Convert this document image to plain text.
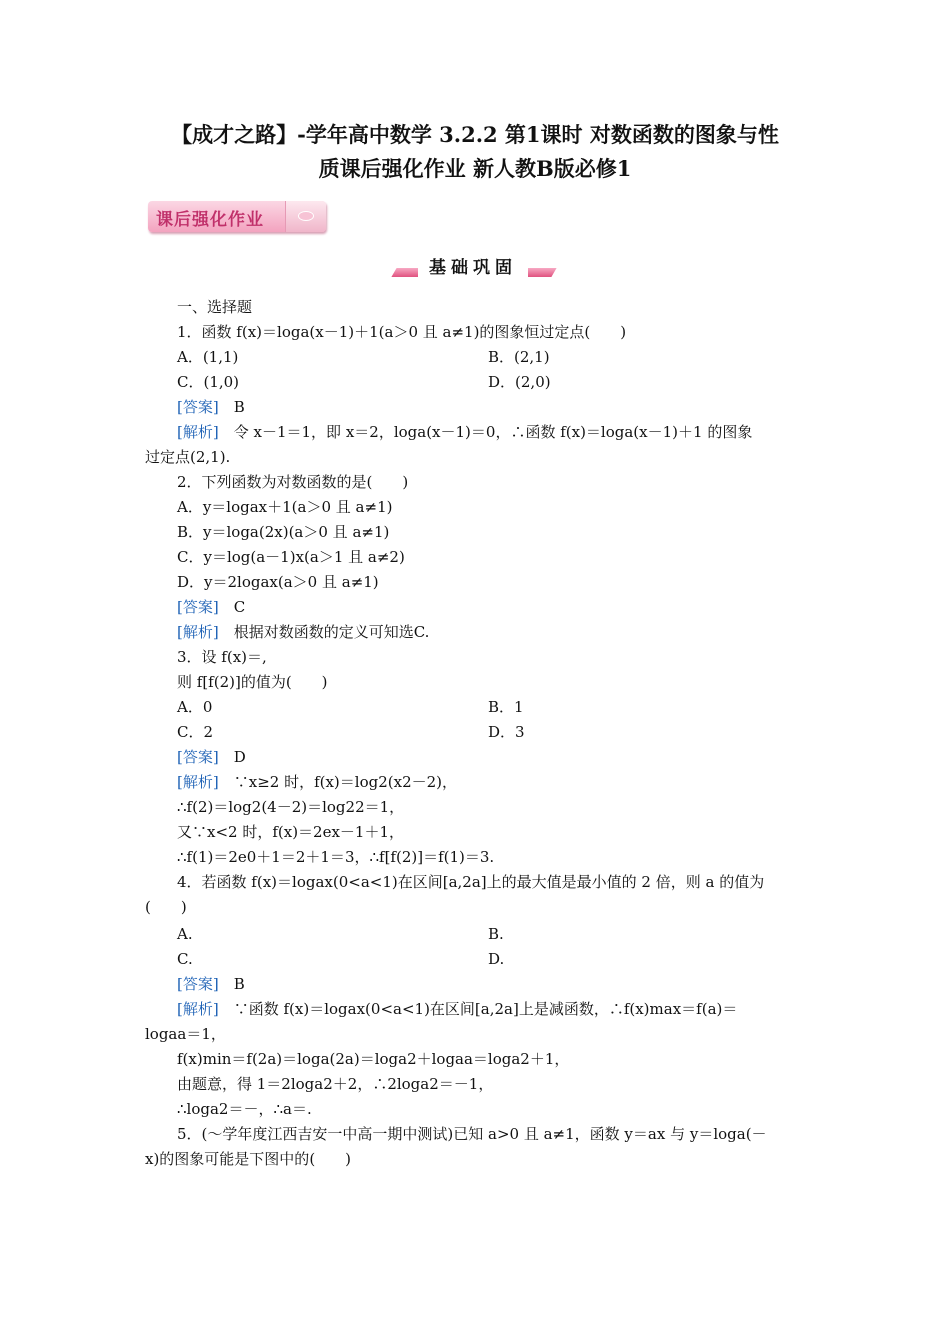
【成才之路】-学年高中数学 3.2.2 第1课时 对数函数的图象与性
质课后强化作业 新人教B版必修1
课后强化作业
基础巩固
一、选择题
1．函数 f(x)＝loga(x－1)＋1(a＞0 且 a≠1)的图象恒过定点(　　)
A．(1,1)	B．(2,1)
C．(1,0)	D．(2,0)
[答案]　 B
[解析]　 令 x－1＝1，即 x＝2，loga(x－1)＝0，∴函数 f(x)＝loga(x－1)＋1 的图象
过定点(2,1).
2．下列函数为对数函数的是(　　)
A．y＝logax＋1(a＞0 且 a≠1)
B．y＝loga(2x)(a＞0 且 a≠1)
C．y＝log(a－1)x(a＞1 且 a≠2)
D．y＝2logax(a＞0 且 a≠1)
[答案]　 C
[解析]　 根据对数函数的定义可知选C.
3．设 f(x)＝,
则 f[f(2)]的值为(　　)
A．0	B．1
C．2	D．3
[答案]　 D
[解析]　 ∵x≥2 时，f(x)＝log2(x2－2)，
∴f(2)＝log2(4－2)＝log22＝1，
又∵x<2 时，f(x)＝2ex－1＋1，
∴f(1)＝2e0＋1＝2＋1＝3，∴f[f(2)]＝f(1)＝3.
4．若函数 f(x)＝logax(0<a<1)在区间[a,2a]上的最大值是最小值的 2 倍，则 a 的值为
(　　)
A.	B.
C.	D.
[答案]　 B
[解析]　 ∵函数 f(x)＝logax(0<a<1)在区间[a,2a]上是减函数，∴f(x)max＝f(a)＝
logaa＝1，
f(x)min＝f(2a)＝loga(2a)＝loga2＋logaa＝loga2＋1，
由题意，得 1＝2loga2＋2，∴2loga2＝－1，
∴loga2＝－，∴a＝.
5．(～学年度江西吉安一中高一期中测试)已知 a>0 且 a≠1，函数 y＝ax 与 y＝loga(－
x)的图象可能是下图中的(　　)
